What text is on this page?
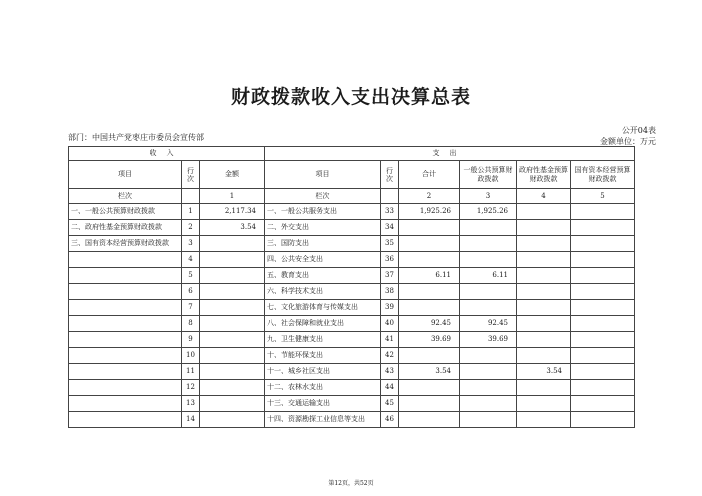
财政拨款收入支出决算总表
公开04表
金额单位：万元
部门：中国共产党枣庄市委员会宣传部
收入			支出					
项目	行次	金额	项目	行次	合计	一般公共预算财政拨款	政府性基金预算财政拨款	国有资本经营预算财政拨款
栏次		1	栏次		2	3	4	5
一、一般公共预算财政拨款	1	2,117.34	一、一般公共服务支出	33	1,925.26	1,925.26		
二、政府性基金预算财政拨款	2	3.54	二、外交支出	34				
三、国有资本经营预算财政拨款	3		三、国防支出	35				
	4		四、公共安全支出	36				
	5		五、教育支出	37	6.11	6.11		
	6		六、科学技术支出	38				
	7		七、文化旅游体育与传媒支出	39				
	8		八、社会保障和就业支出	40	92.45	92.45		
	9		九、卫生健康支出	41	39.69	39.69		
	10		十、节能环保支出	42				
	11		十一、城乡社区支出	43	3.54		3.54	
	12		十二、农林水支出	44				
	13		十三、交通运输支出	45				
	14		十四、资源勘探工业信息等支出	46				
第12页，共52页
